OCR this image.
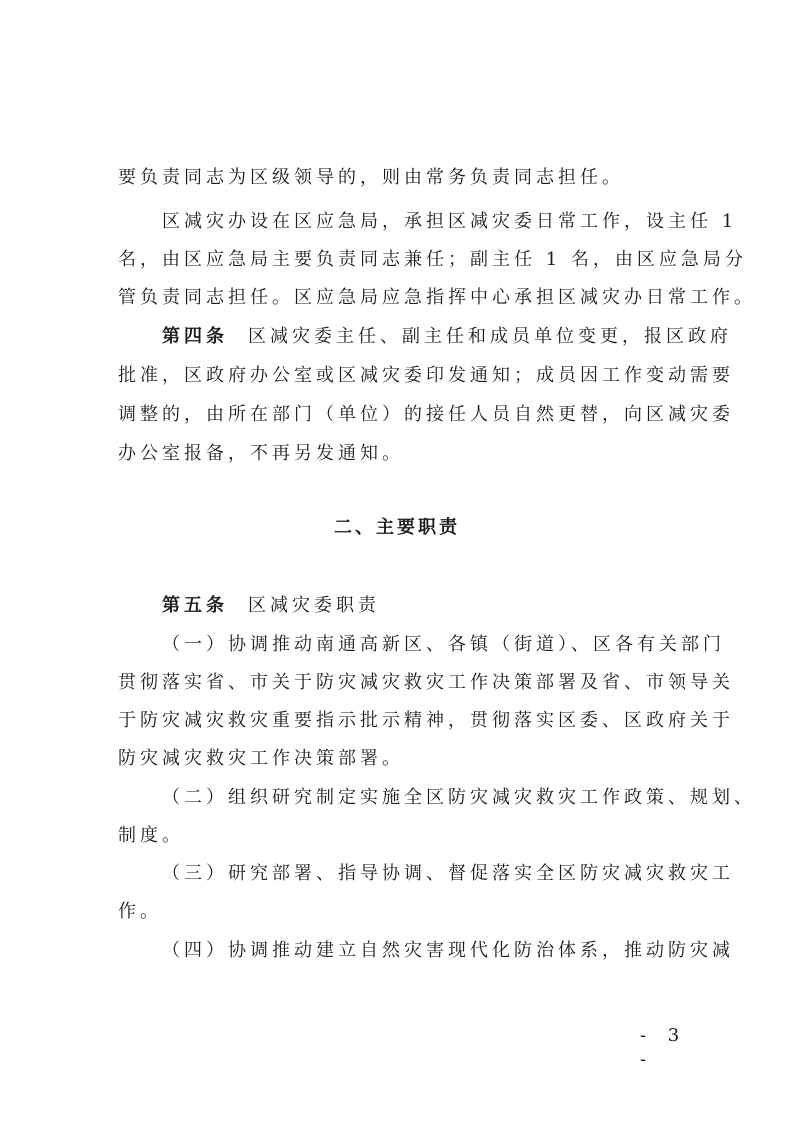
要负责同志为区级领导的，则由常务负责同志担任。
区减灾办设在区应急局，承担区减灾委日常工作，设主任 1
名，由区应急局主要负责同志兼任；副主任 1 名，由区应急局分
管负责同志担任。区应急局应急指挥中心承担区减灾办日常工作。
第四条 区减灾委主任、副主任和成员单位变更，报区政府
批准，区政府办公室或区减灾委印发通知；成员因工作变动需要
调整的，由所在部门（单位）的接任人员自然更替，向区减灾委
办公室报备，不再另发通知。
二、主要职责
第五条 区减灾委职责
（一）协调推动南通高新区、各镇（街道）、区各有关部门
贯彻落实省、市关于防灾减灾救灾工作决策部署及省、市领导关
于防灾减灾救灾重要指示批示精神，贯彻落实区委、区政府关于
防灾减灾救灾工作决策部署。
（二）组织研究制定实施全区防灾减灾救灾工作政策、规划、
制度。
（三）研究部署、指导协调、督促落实全区防灾减灾救灾工
作。
（四）协调推动建立自然灾害现代化防治体系，推动防灾减
- 3 -
